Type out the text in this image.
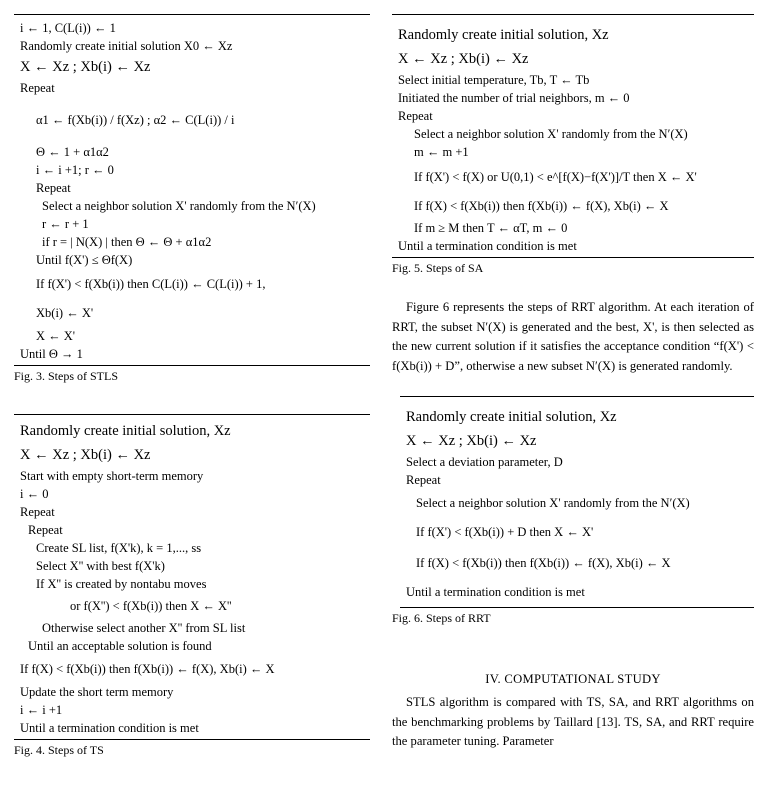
i ← 1, C(L(i)) ← 1
Randomly create initial solution X0 ← Xz
X ← Xz ; Xb(i) ← Xz
Repeat
α1 ← f(Xb(i)) / f(Xz) ; α2 ← C(L(i)) / i
Θ ← 1 + α1α2
i ← i +1; r ← 0
Repeat
Select a neighbor solution X' randomly from the N′(X)
r ← r + 1
if r = | N(X) | then Θ ← Θ + α1α2
Until f(X') ≤ Θf(X)
If f(X') < f(Xb(i)) then C(L(i)) ← C(L(i)) + 1,
Xb(i) ← X'
X ← X'
Until Θ → 1
Fig. 3. Steps of STLS
Randomly create initial solution, Xz
X ← Xz ; Xb(i) ← Xz
Start with empty short-term memory
i ← 0
Repeat
Repeat
Create SL list, f(X'k), k = 1,..., ss
Select X'' with best f(X'k)
If X'' is created by nontabu moves
or f(X'') < f(Xb(i)) then X ← X''
Otherwise select another X'' from SL list
Until an acceptable solution is found
If f(X) < f(Xb(i)) then f(Xb(i)) ← f(X), Xb(i) ← X
Update the short term memory
i ← i +1
Until a termination condition is met
Fig. 4. Steps of TS
Randomly create initial solution, Xz
X ← Xz ; Xb(i) ← Xz
Select initial temperature, Tb, T ← Tb
Initiated the number of trial neighbors, m ← 0
Repeat
Select a neighbor solution X' randomly from the N′(X)
m ← m +1
If f(X') < f(X) or U(0,1) < e^[f(X)−f(X')]/T then X ← X'
If f(X) < f(Xb(i)) then f(Xb(i)) ← f(X), Xb(i) ← X
If m ≥ M then T ← αT, m ← 0
Until a termination condition is met
Fig. 5. Steps of SA

Figure 6 represents the steps of RRT algorithm. At each iteration of RRT, the subset N′(X) is generated and the best, X', is then selected as the new current solution if it satisfies the acceptance condition “f(X') < f(Xb(i)) + D”, otherwise a new subset N′(X) is generated randomly.

Randomly create initial solution, Xz
X ← Xz ; Xb(i) ← Xz
Select a deviation parameter, D
Repeat
Select a neighbor solution X' randomly from the N′(X)
If f(X') < f(Xb(i)) + D then X ← X'
If f(X) < f(Xb(i)) then f(Xb(i)) ← f(X), Xb(i) ← X
Until a termination condition is met
Fig. 6. Steps of RRT
IV. COMPUTATIONAL STUDY

STLS algorithm is compared with TS, SA, and RRT algorithms on the benchmarking problems by Taillard [13]. TS, SA, and RRT require the parameter tuning. Parameter
